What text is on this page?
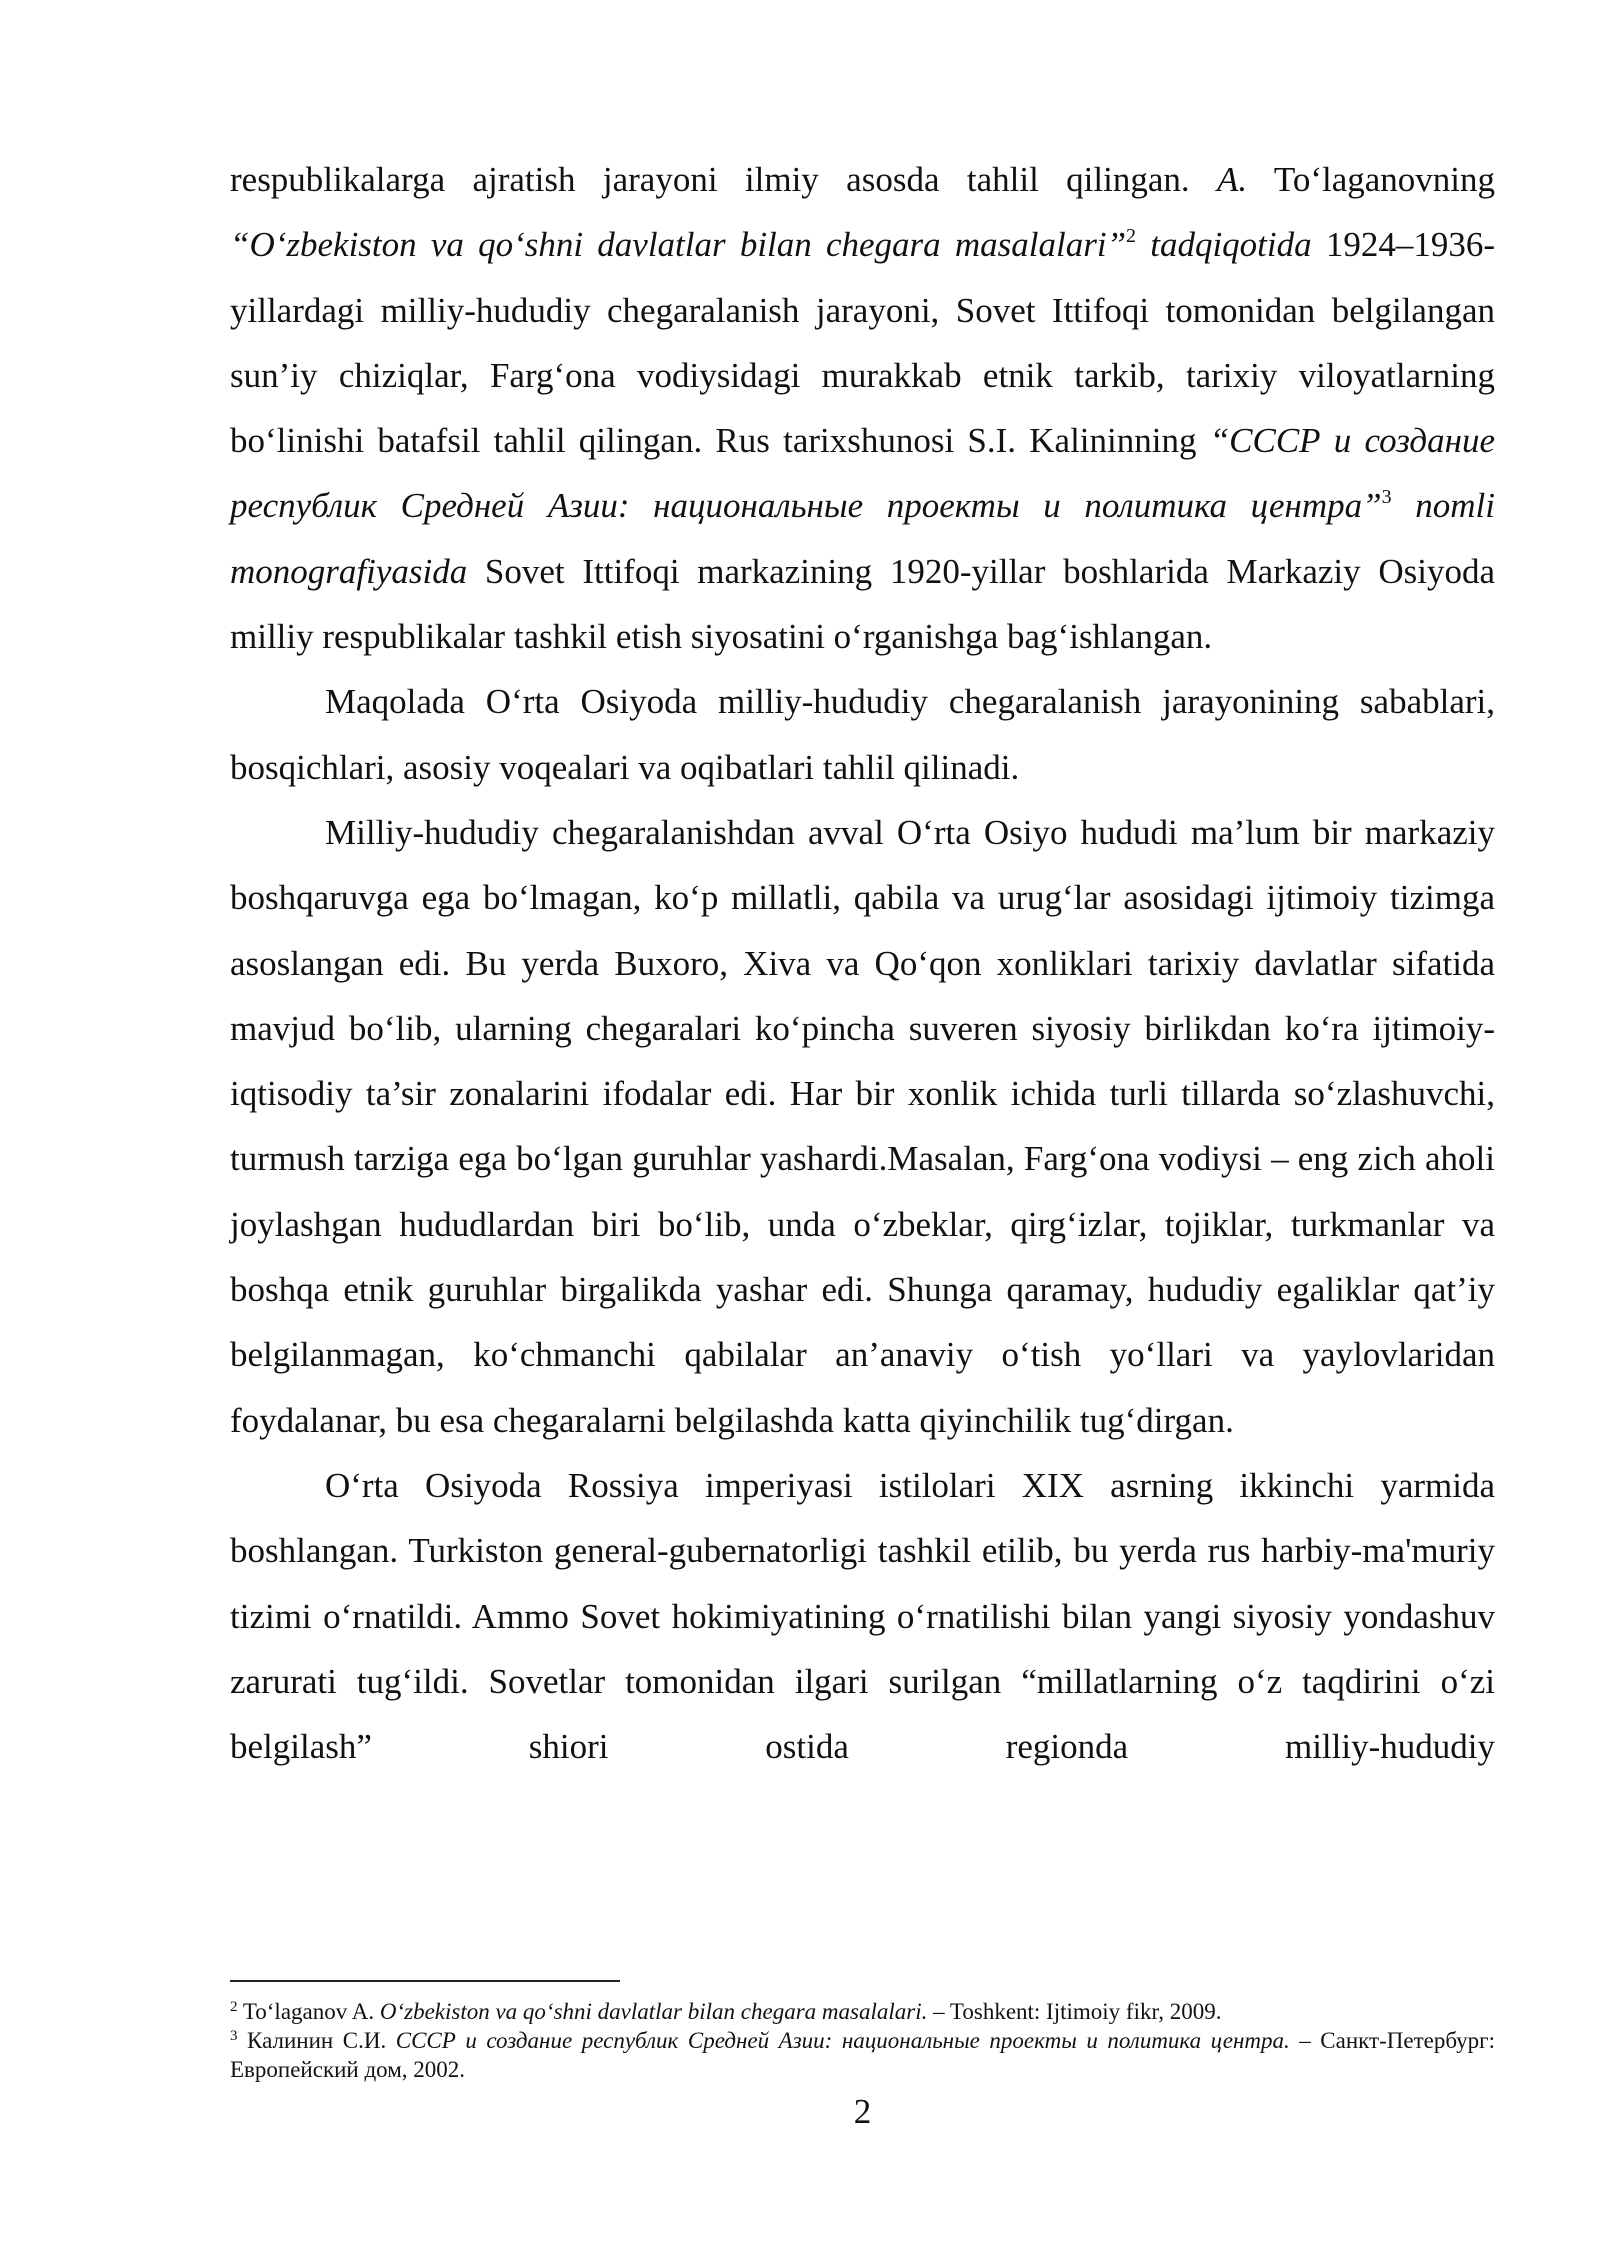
respublikalarga ajratish jarayoni ilmiy asosda tahlil qilingan. A. To‘laganovning “O‘zbekiston va qo‘shni davlatlar bilan chegara masalalari”$^2$ tadqiqotida 1924–1936-yillardagi milliy-hududiy chegaralanish jarayoni, Sovet Ittifoqi tomonidan belgilangan sun’iy chiziqlar, Farg‘ona vodiysidagi murakkab etnik tarkib, tarixiy viloyatlarning bo‘linishi batafsil tahlil qilingan. Rus tarixshunosi S.I. Kalininning “СССР и создание республик Средней Азии: национальные проекты и политика центра”$^3$ nomli monografiyasida Sovet Ittifoqi markazining 1920-yillar boshlarida Markaziy Osiyoda milliy respublikalar tashkil etish siyosatini o‘rganishga bag‘ishlangan.

Maqolada O‘rta Osiyoda milliy-hududiy chegaralanish jarayonining sabablari, bosqichlari, asosiy voqealari va oqibatlari tahlil qilinadi.

Milliy-hududiy chegaralanishdan avval O‘rta Osiyo hududi ma’lum bir markaziy boshqaruvga ega bo‘lmagan, ko‘p millatli, qabila va urug‘lar asosidagi ijtimoiy tizimga asoslangan edi. Bu yerda Buxoro, Xiva va Qo‘qon xonliklari tarixiy davlatlar sifatida mavjud bo‘lib, ularning chegaralari ko‘pincha suveren siyosiy birlikdan ko‘ra ijtimoiy-iqtisodiy ta’sir zonalarini ifodalar edi. Har bir xonlik ichida turli tillarda so‘zlashuvchi, turmush tarziga ega bo‘lgan guruhlar yashardi.Masalan, Farg‘ona vodiysi – eng zich aholi joylashgan hududlardan biri bo‘lib, unda o‘zbeklar, qirg‘izlar, tojiklar, turkmanlar va boshqa etnik guruhlar birgalikda yashar edi. Shunga qaramay, hududiy egaliklar qat’iy belgilanmagan, ko‘chmanchi qabilalar an’anaviy o‘tish yo‘llari va yaylovlaridan foydalanar, bu esa chegaralarni belgilashda katta qiyinchilik tug‘dirgan.

O‘rta Osiyoda Rossiya imperiyasi istilolari XIX asrning ikkinchi yarmida boshlangan. Turkiston general-gubernatorligi tashkil etilib, bu yerda rus harbiy-ma'muriy tizimi o‘rnatildi. Ammo Sovet hokimiyatining o‘rnatilishi bilan yangi siyosiy yondashuv zarurati tug‘ildi. Sovetlar tomonidan ilgari surilgan “millatlarning o‘z taqdirini o‘zi belgilash” shiori ostida regionda milliy-hududiy

$^2$ To‘laganov A. O‘zbekiston va qo‘shni davlatlar bilan chegara masalalari. – Toshkent: Ijtimoiy fikr, 2009.

$^3$ Калинин С.И. СССР и создание республик Средней Азии: национальные проекты и политика центра. – Санкт-Петербург: Европейский дом, 2002.

2
